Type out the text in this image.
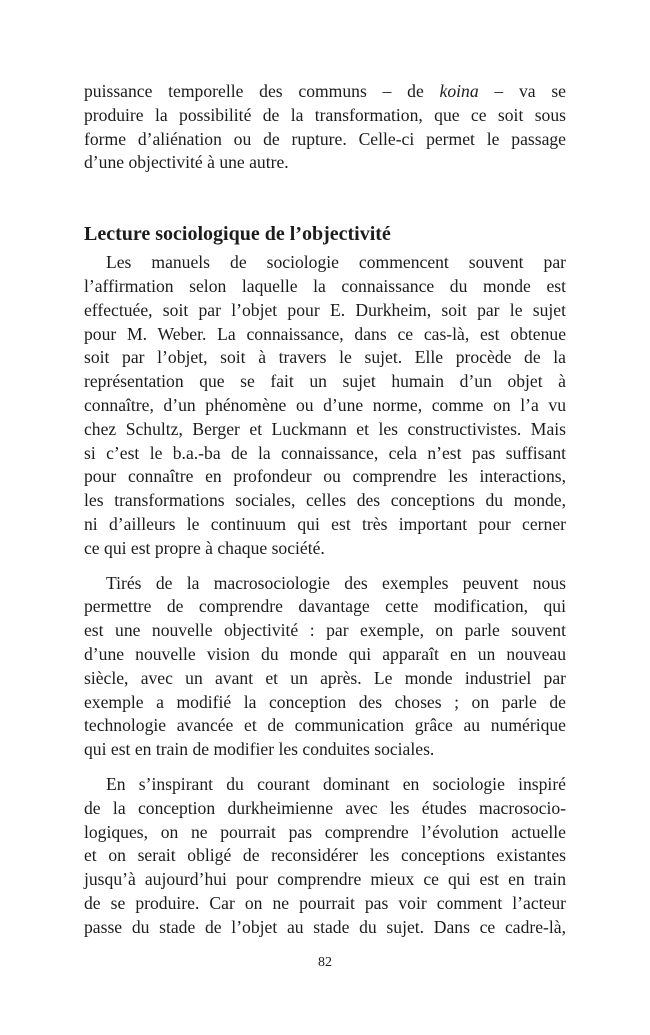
puissance temporelle des communs – de koina – va se
produire la possibilité de la transformation, que ce soit sous
forme d’aliénation ou de rupture. Celle-ci permet le passage
d’une objectivité à une autre.
Lecture sociologique de l’objectivité
Les manuels de sociologie commencent souvent par
l’affirmation selon laquelle la connaissance du monde est
effectuée, soit par l’objet pour E. Durkheim, soit par le sujet
pour M. Weber. La connaissance, dans ce cas-là, est obtenue
soit par l’objet, soit à travers le sujet. Elle procède de la
représentation que se fait un sujet humain d’un objet à
connaître, d’un phénomène ou d’une norme, comme on l’a vu
chez Schultz, Berger et Luckmann et les constructivistes. Mais
si c’est le b.a.-ba de la connaissance, cela n’est pas suffisant
pour connaître en profondeur ou comprendre les interactions,
les transformations sociales, celles des conceptions du monde,
ni d’ailleurs le continuum qui est très important pour cerner
ce qui est propre à chaque société.
Tirés de la macrosociologie des exemples peuvent nous
permettre de comprendre davantage cette modification, qui
est une nouvelle objectivité : par exemple, on parle souvent
d’une nouvelle vision du monde qui apparaît en un nouveau
siècle, avec un avant et un après. Le monde industriel par
exemple a modifié la conception des choses ; on parle de
technologie avancée et de communication grâce au numérique
qui est en train de modifier les conduites sociales.
En s’inspirant du courant dominant en sociologie inspiré
de la conception durkheimienne avec les études macrosocio-
logiques, on ne pourrait pas comprendre l’évolution actuelle
et on serait obligé de reconsidérer les conceptions existantes
jusqu’à aujourd’hui pour comprendre mieux ce qui est en train
de se produire. Car on ne pourrait pas voir comment l’acteur
passe du stade de l’objet au stade du sujet. Dans ce cadre-là,
82
